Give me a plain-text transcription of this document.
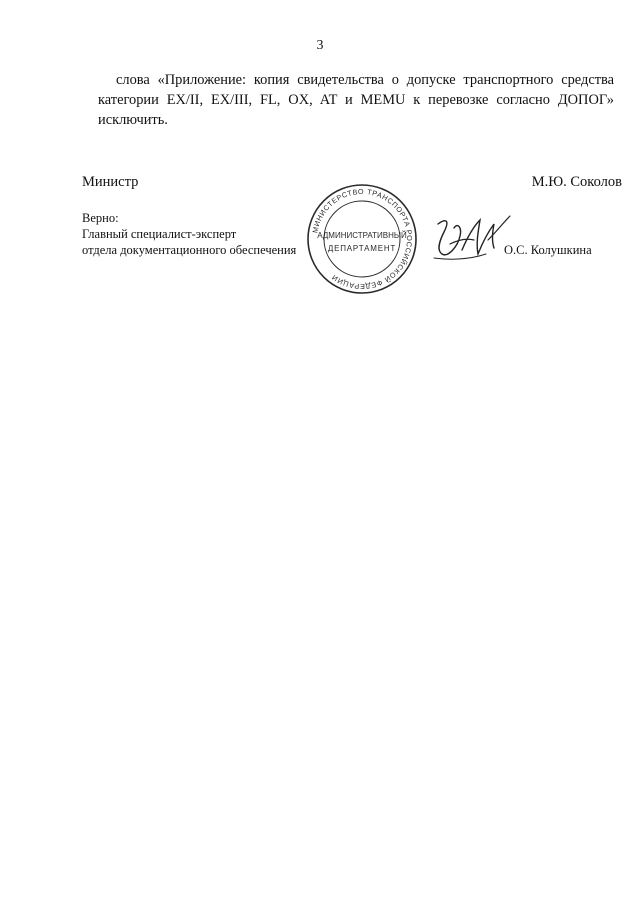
3
слова «Приложение: копия свидетельства о допуске транспортного средства
категории EX/II, EX/III, FL, OX, AT и MEMU к перевозке согласно ДОПОГ»
исключить.
Министр	М.Ю. Соколов
Верно:
Главный специалист-эксперт
отдела документационного обеспечения	О.С. Колушкина
МИНИСТЕРСТВО ТРАНСПОРТА РОССИЙСКОЙ ФЕДЕРАЦИИ
АДМИНИСТРАТИВНЫЙ
ДЕПАРТАМЕНТ
